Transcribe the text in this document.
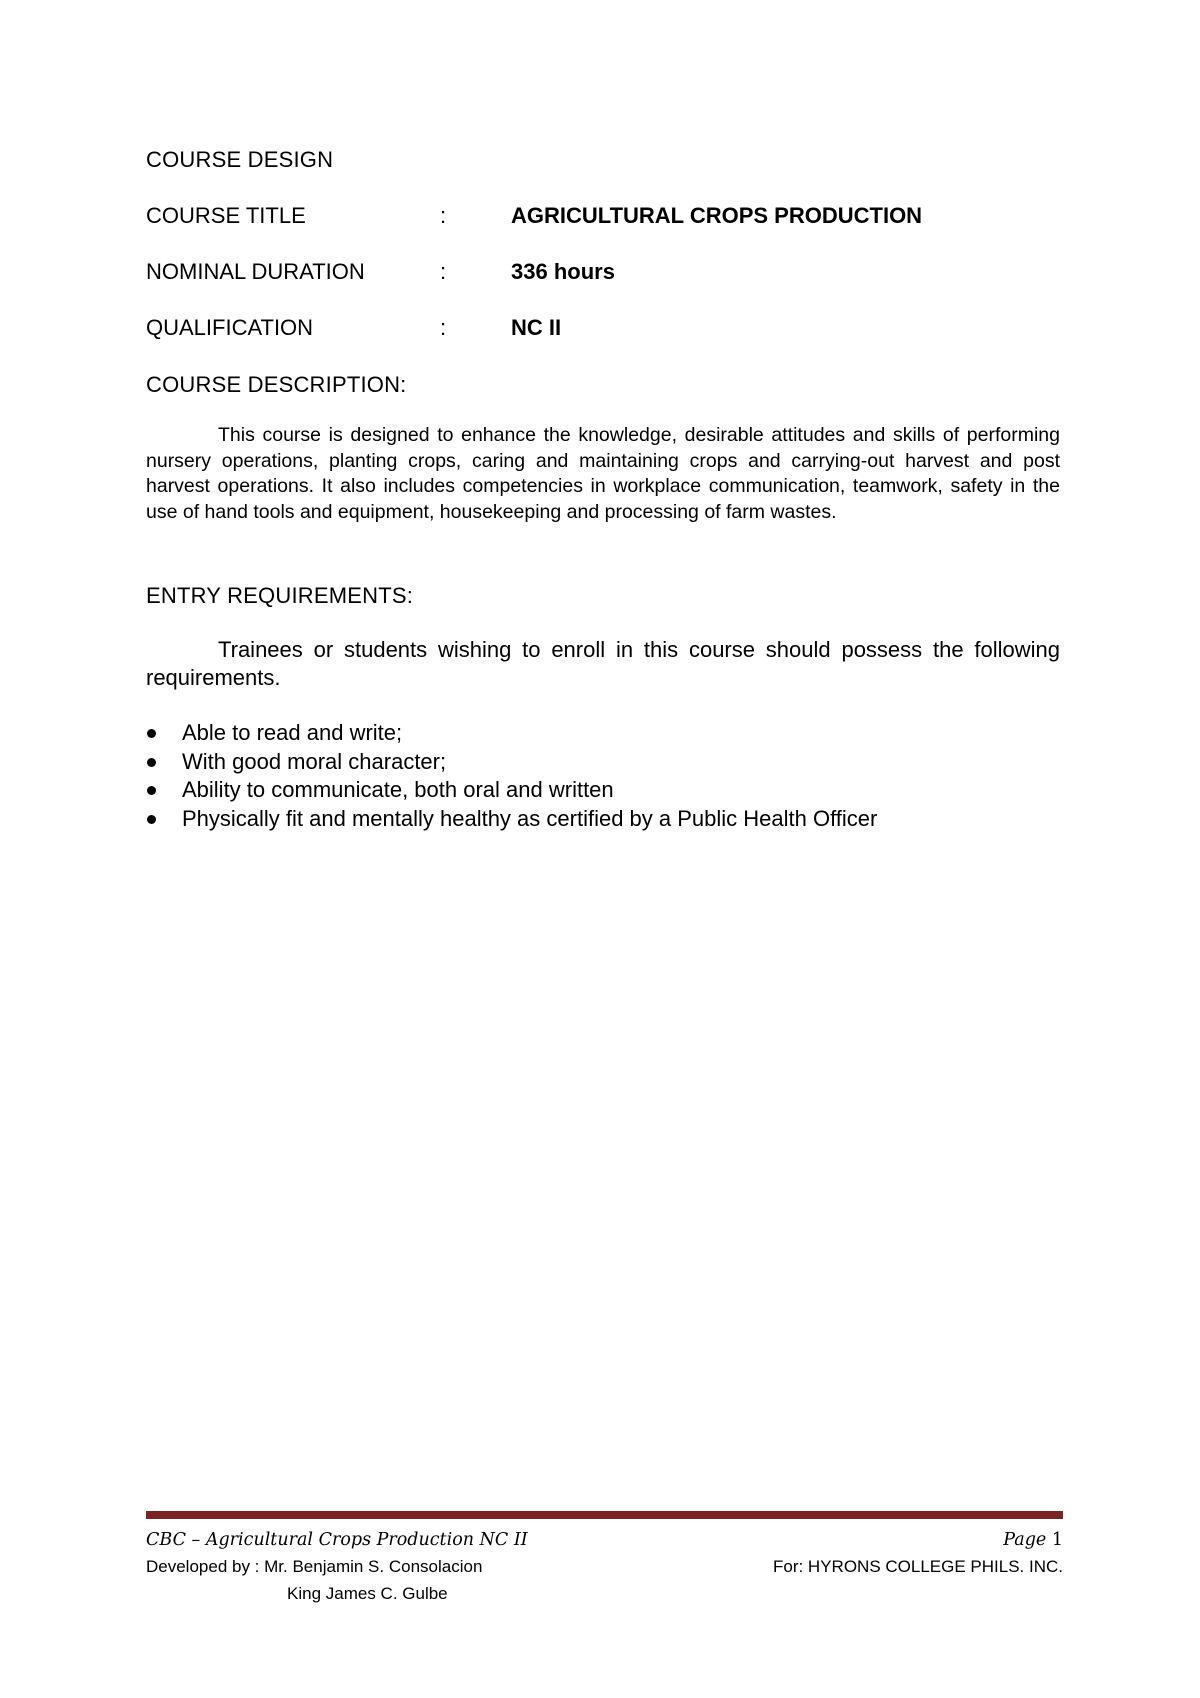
COURSE DESIGN
COURSE TITLE	:	AGRICULTURAL CROPS PRODUCTION
NOMINAL DURATION	:	336 hours
QUALIFICATION	:	NC II
COURSE DESCRIPTION:

This course is designed to enhance the knowledge, desirable attitudes and skills of performing nursery operations, planting crops, caring and maintaining crops and carrying-out harvest and post harvest operations. It also includes competencies in workplace communication, teamwork, safety in the use of hand tools and equipment, housekeeping and processing of farm wastes.

ENTRY REQUIREMENTS:

Trainees or students wishing to enroll in this course should possess the following requirements.

Able to read and write;
With good moral character;
Ability to communicate, both oral and written
Physically fit and mentally healthy as certified by a Public Health Officer
CBC – Agricultural Crops Production NC II	Page 1
Developed by : Mr. Benjamin S. Consolacion	For: HYRONS COLLEGE PHILS. INC.
King James C. Gulbe
